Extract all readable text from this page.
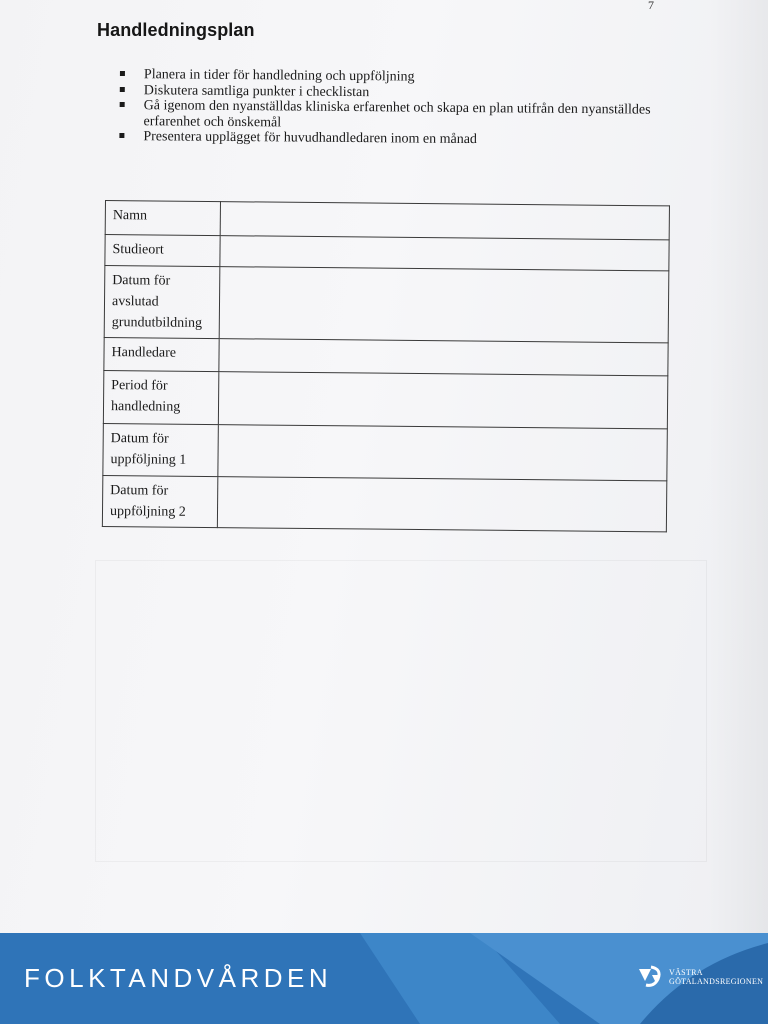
7
Handledningsplan
Planera in tider för handledning och uppföljning
Diskutera samtliga punkter i checklistan
Gå igenom den nyanställdas kliniska erfarenhet och skapa en plan utifrån den nyanställdes erfarenhet och önskemål
Presentera upplägget för huvudhandledaren inom en månad
Namn	
Studieort	
Datum för avslutad grundutbildning	
Handledare	
Period för handledning	
Datum för uppföljning 1	
Datum för uppföljning 2	
FOLKTANDVÅRDEN	VÄSTRA
GÖTALANDSREGIONEN
